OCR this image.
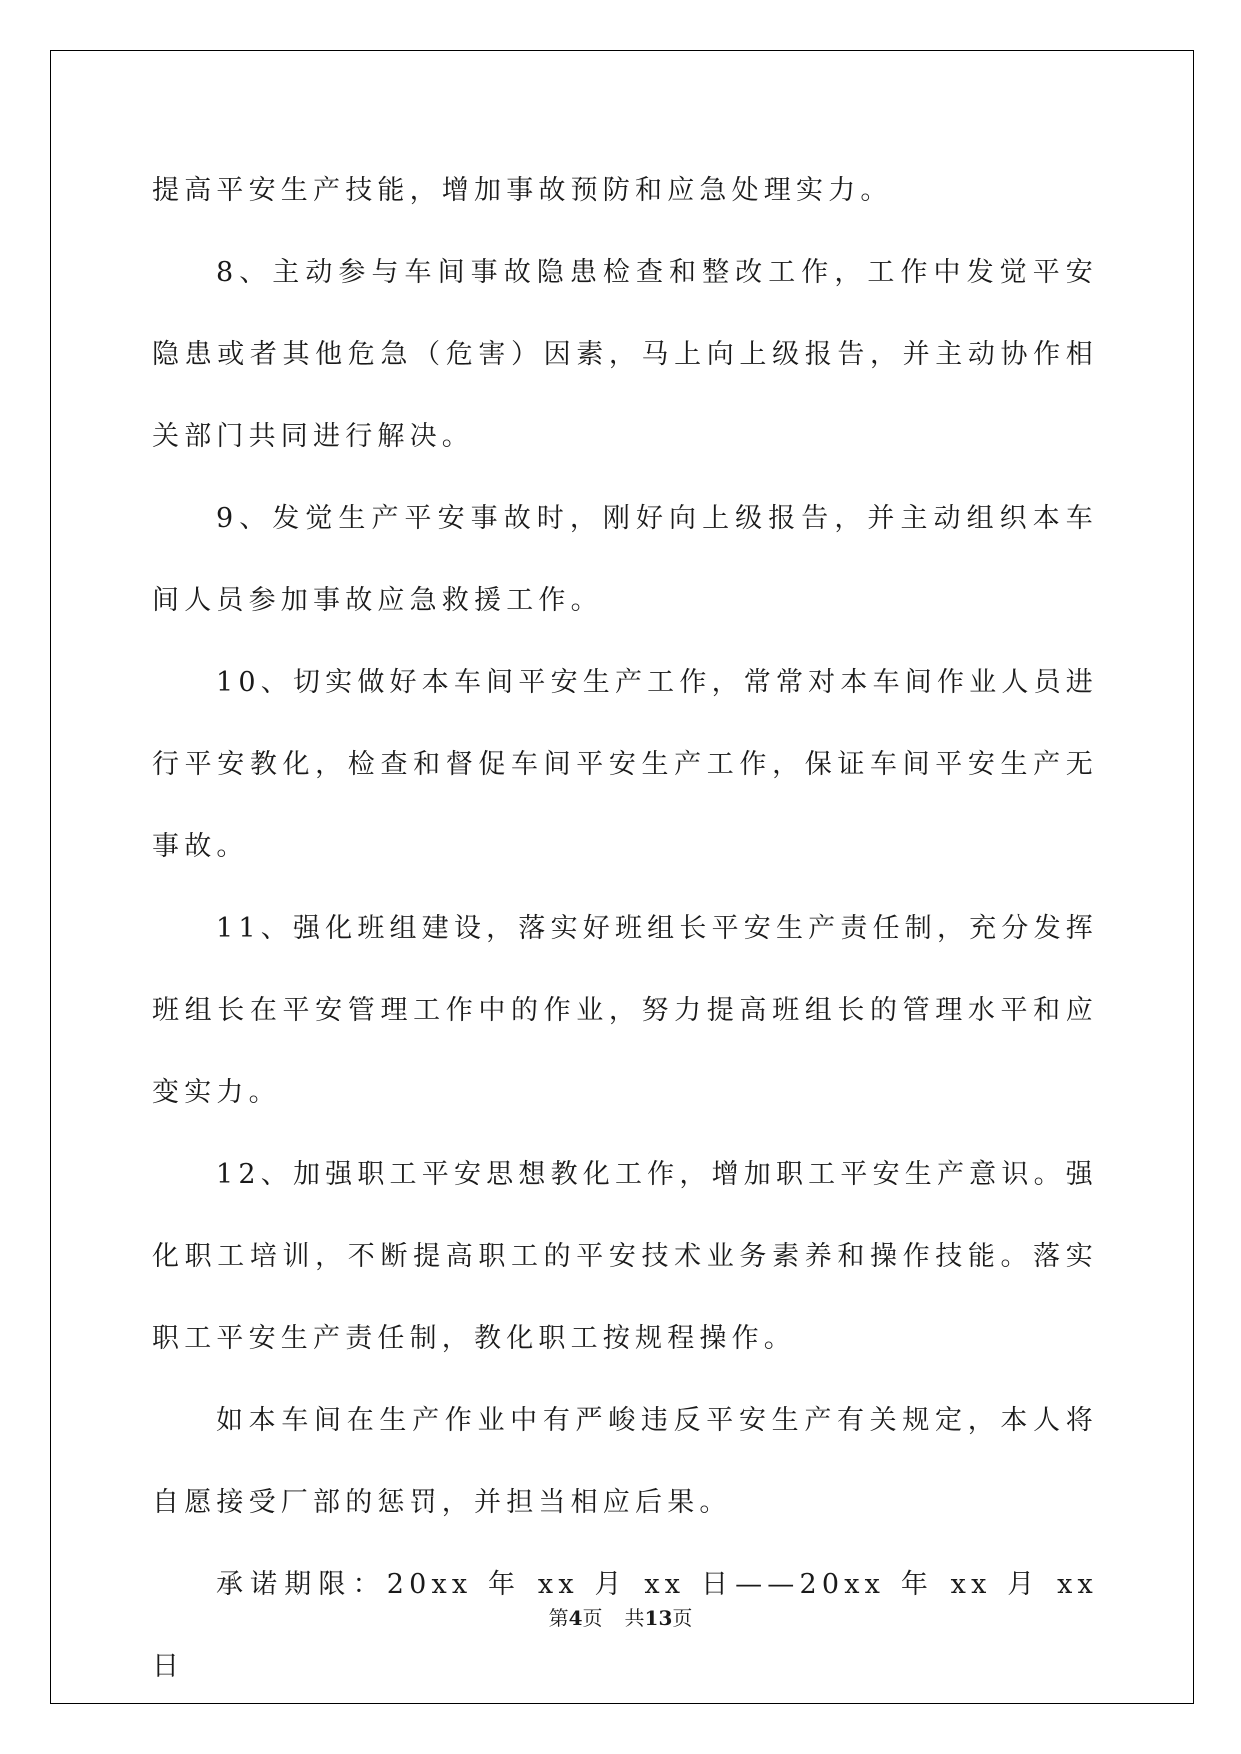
提高平安生产技能，增加事故预防和应急处理实力。

8、主动参与车间事故隐患检查和整改工作，工作中发觉平安隐患或者其他危急（危害）因素，马上向上级报告，并主动协作相关部门共同进行解决。

9、发觉生产平安事故时，刚好向上级报告，并主动组织本车间人员参加事故应急救援工作。

10、切实做好本车间平安生产工作，常常对本车间作业人员进行平安教化，检查和督促车间平安生产工作，保证车间平安生产无事故。

11、强化班组建设，落实好班组长平安生产责任制，充分发挥班组长在平安管理工作中的作业，努力提高班组长的管理水平和应变实力。

12、加强职工平安思想教化工作，增加职工平安生产意识。强化职工培训，不断提高职工的平安技术业务素养和操作技能。落实职工平安生产责任制，教化职工按规程操作。

如本车间在生产作业中有严峻违反平安生产有关规定，本人将自愿接受厂部的惩罚，并担当相应后果。

承诺期限：20xx 年 xx 月 xx 日——20xx 年 xx 月 xx 日

第4页 共13页
